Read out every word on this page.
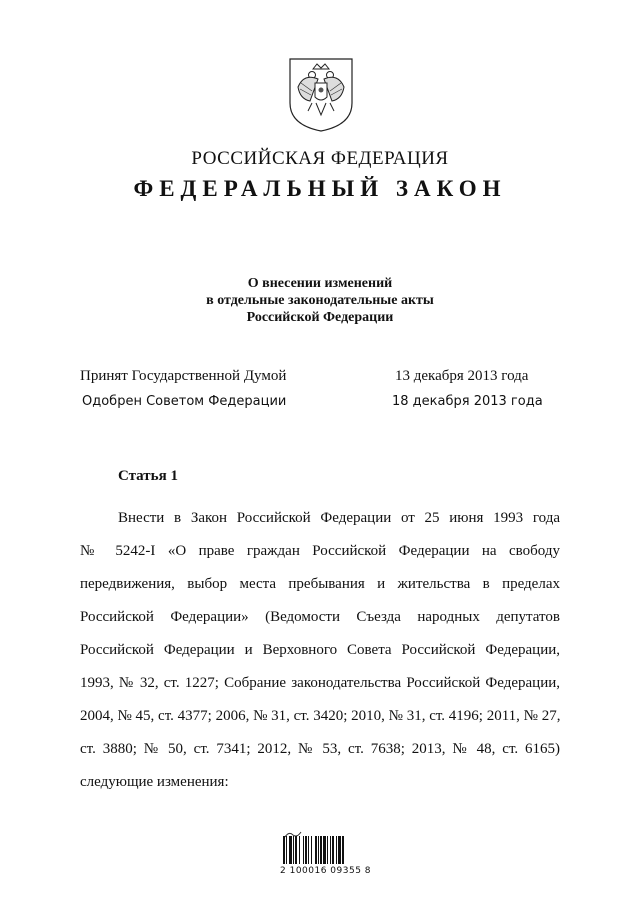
РОССИЙСКАЯ ФЕДЕРАЦИЯ
ФЕДЕРАЛЬНЫЙ ЗАКОН
О внесении изменений
в отдельные законодательные акты
Российской Федерации
Принят Государственной Думой	13 декабря 2013 года
Одобрен Советом Федерации	18 декабря 2013 года
Статья 1
Внести в Закон Российской Федерации от 25 июня 1993 года
№ 5242-I «О праве граждан Российской Федерации на свободу
передвижения, выбор места пребывания и жительства в пределах
Российской Федерации» (Ведомости Съезда народных депутатов
Российской Федерации и Верховного Совета Российской Федерации,
1993, № 32, ст. 1227; Собрание законодательства Российской Федерации,
2004, № 45, ст. 4377; 2006, № 31, ст. 3420; 2010, № 31, ст. 4196; 2011, № 27,
ст. 3880; № 50, ст. 7341; 2012, № 53, ст. 7638; 2013, № 48, ст. 6165)
следующие изменения:
2 100016 09355 8
